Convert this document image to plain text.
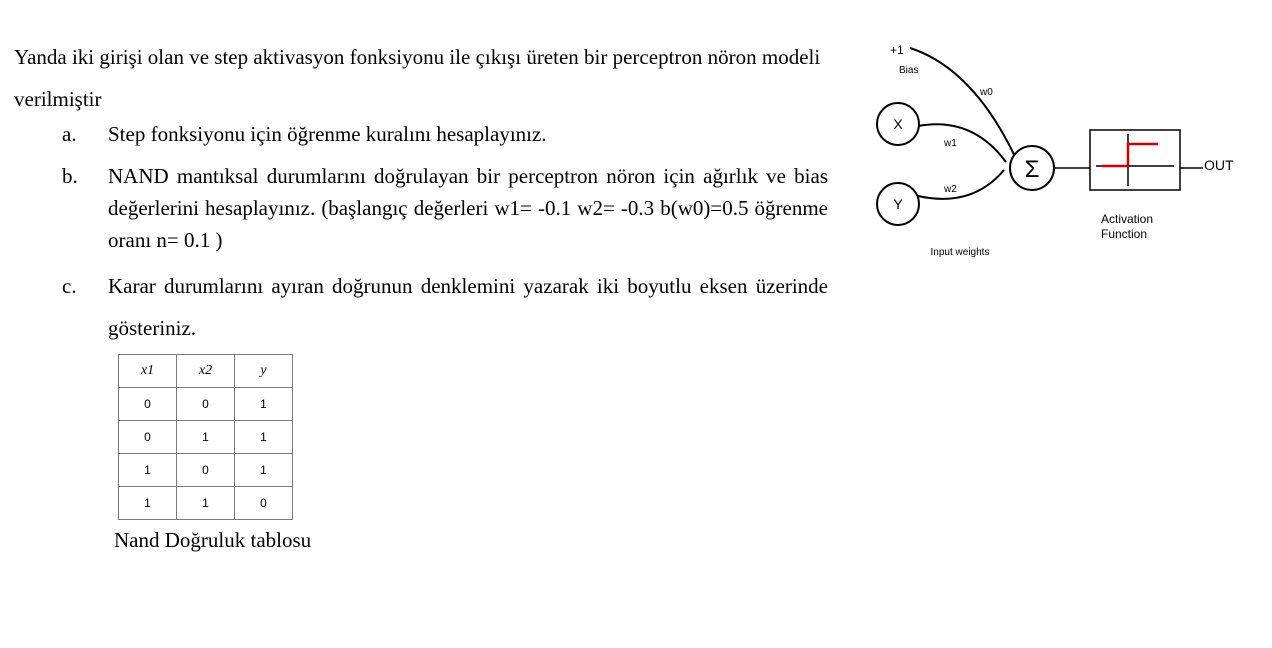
Yanda iki girişi olan ve step aktivasyon fonksiyonu ile çıkışı üreten bir perceptron nöron modeli verilmiştir
a. Step fonksiyonu için öğrenme kuralını hesaplayınız.
b. NAND mantıksal durumlarını doğrulayan bir perceptron nöron için ağırlık ve bias değerlerini hesaplayınız. (başlangıç değerleri w1= -0.1 w2= -0.3 b(w0)=0.5 öğrenme oranı n= 0.1 )
c. Karar durumlarını ayıran doğrunun denklemini yazarak iki boyutlu eksen üzerinde gösteriniz.
x1	x2	y
0	0	1
0	1	1
1	0	1
1	1	0
Nand Doğruluk tablosu
+1
Bias
w0
w1
w2
X
Y
Σ	OUT
Activation
Function
Input weights
